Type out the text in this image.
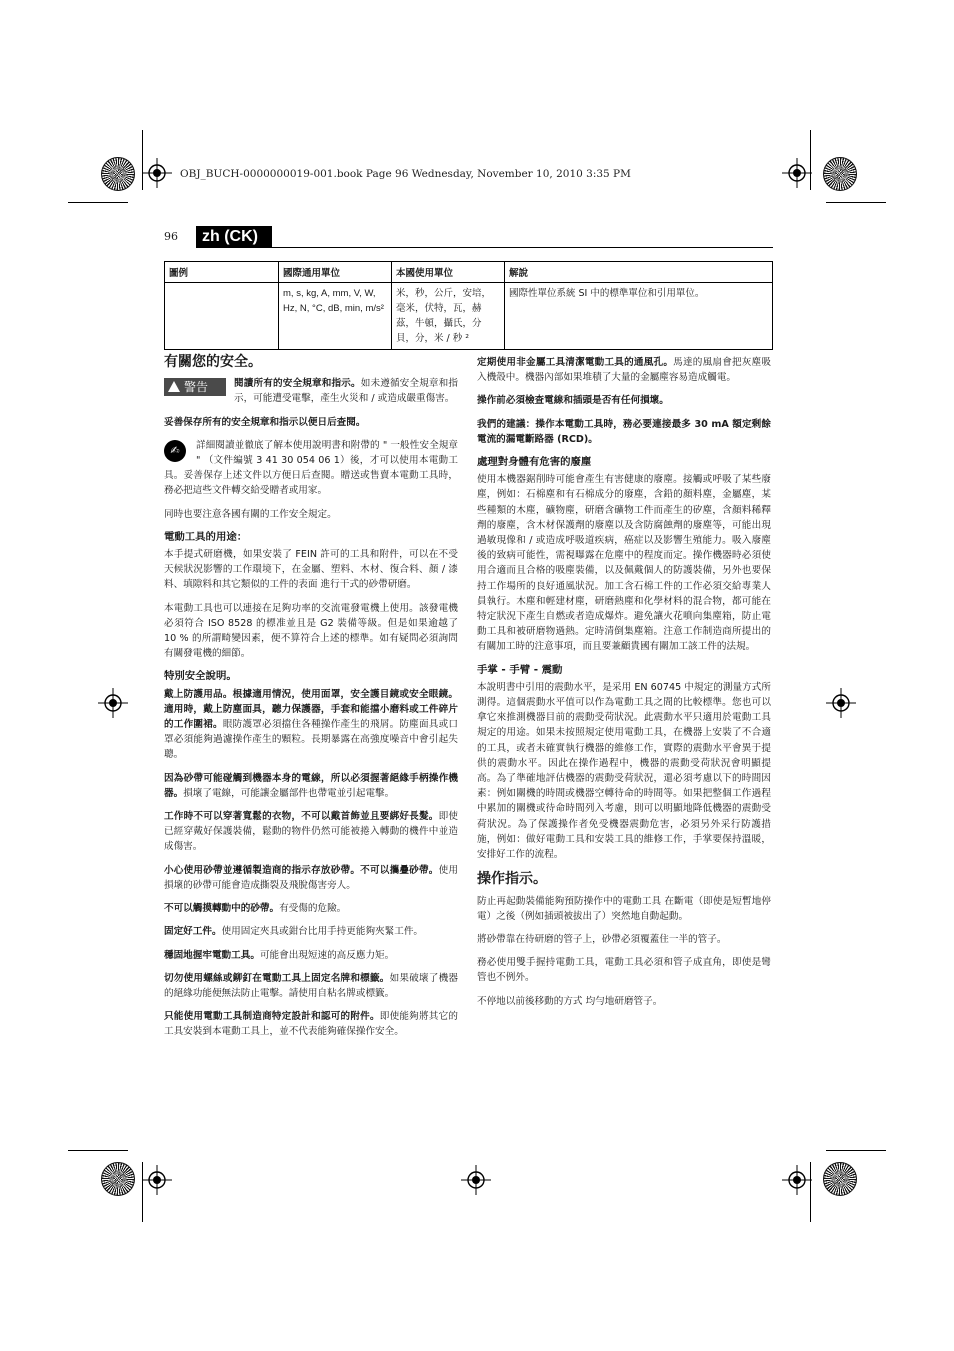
OBJ_BUCH-0000000019-001.book Page 96 Wednesday, November 10, 2010 3:35 PM
96	zh (CK)
圖例	國際通用單位	本國使用單位	解說
	m, s, kg, A, mm, V, W, Hz, N, °C, dB, min, m/s²	米，秒，公斤，安培，毫米，伏特，瓦，赫茲，牛頓，攝氏，分貝，分，米 / 秒 ²	國際性單位系統 SI 中的標準單位和引用單位。
有關您的安全。
警告	閱讀所有的安全規章和指示。如未遵循安全規章和指示，可能遭受電擊，產生火災和 / 或造成嚴重傷害。

妥善保存所有的安全規章和指示以便日后查閱。

✍	詳細閱讀並徹底了解本使用說明書和附帶的 " 一般性安全規章 " （文件編號 3 41 30 054 06 1）後，才可以使用本電動工具。妥善保存上述文件以方便日后查閱。贈送或售賣本電動工具時，務必把這些文件轉交給受贈者或用家。

同時也要注意各國有關的工作安全規定。

電動工具的用途：

本手提式研磨機，如果安裝了 FEIN 許可的工具和附件，可以在不受天候狀況影響的工作環境下，在金屬、塑料、木材、復合料、顏 / 漆料、填隙料和其它類似的工件的表面 進行干式的砂帶研磨。

本電動工具也可以連接在足夠功率的交流電發電機上使用。該發電機必須符合 ISO 8528 的標准並且是 G2 裝備等級。但是如果逾越了 10 % 的所謂畸變因素，便不算符合上述的標準。如有疑問必須詢問有關發電機的細節。

特別安全說明。

戴上防護用品。根據適用情況，使用面罩，安全護目鏡或安全眼鏡。適用時，戴上防塵面具，聽力保護器，手套和能擋小磨料或工件碎片的工作圍裙。眼防護罩必須擋住各種操作產生的飛屑。防塵面具或口罩必須能夠過濾操作產生的顆粒。長期暴露在高強度噪音中會引起失聰。

因為砂帶可能碰觸到機器本身的電線，所以必須握著絕緣手柄操作機器。損壞了電線，可能讓金屬部件也帶電並引起電擊。

工作時不可以穿著寬鬆的衣物，不可以戴首飾並且要綁好長髮。即使已經穿戴好保護裝備，鬆動的物件仍然可能被捲入轉動的機件中並造成傷害。

小心使用砂帶並遵循製造商的指示存放砂帶。不可以攜疊砂帶。使用損壞的砂帶可能會造成撕裂及飛脫傷害旁人。

不可以觸摸轉動中的砂帶。有受傷的危險。

固定好工件。使用固定夾具或鉗台比用手持更能夠夾緊工件。

穩固地握牢電動工具。可能會出現短速的高反應力矩。

切勿使用螺絲或鉚釘在電動工具上固定名牌和標籤。如果破壞了機器的絕緣功能便無法防止電擊。請使用自粘名牌或標籤。

只能使用電動工具制造商特定設計和認可的附件。即使能夠將其它的工具安裝到本電動工具上，並不代表能夠確保操作安全。

定期使用非金屬工具清潔電動工具的通風孔。馬達的風扇會把灰塵吸入機殼中。機器內部如果堆積了大量的金屬塵容易造成觸電。

操作前必須檢查電線和插頭是否有任何損壞。

我們的建議：操作本電動工具時，務必要連接最多 30 mA 額定剩餘電流的漏電斷路器 (RCD)。

處理對身體有危害的廢塵

使用本機器鋸削時可能會產生有害健康的廢塵。接觸或呼吸了某些廢塵，例如：石棉塵和有石棉成分的廢塵，含鉛的顏料塵，金屬塵，某些種類的木塵，礦物塵，研磨含礦物工件而產生的矽塵，含顏料稀釋劑的廢塵，含木材保護劑的廢塵以及含防腐蝕劑的廢塵等，可能出現過敏現像和 / 或造成呼吸道疾病，癌症以及影響生殖能力。吸入廢塵後的致病可能性，需視曝露在危塵中的程度而定。操作機器時必須使用合適而且合格的吸塵裝備，以及佩戴個人的防護裝備，另外也要保持工作場所的良好通風狀況。加工含石棉工件的工作必須交給專業人員執行。木塵和輕建材塵，研磨熱塵和化學材料的混合物，都可能在特定狀況下產生自燃或者造成爆炸。避免讓火花噴向集塵箱，防止電動工具和被研磨物過熱。定時清倒集塵箱。注意工作制造商所提出的有關加工時的注意事項，而且要兼顧貴國有關加工該工件的法規。

手掌 - 手臂 - 震動

本說明書中引用的震動水平，是采用 EN 60745 中規定的測量方式所測得。這個震動水平值可以作為電動工具之間的比較標準。您也可以拿它來推測機器目前的震動受荷狀況。此震動水平只適用於電動工具規定的用途。如果未按照規定使用電動工具，在機器上安裝了不合適的工具，或者未確實執行機器的維修工作，實際的震動水平會異于提供的震動水平。因此在操作過程中，機器的震動受荷狀況會明顯提高。為了準確地評估機器的震動受荷狀況，還必須考慮以下的時間因素：例如關機的時間或機器空轉待命的時間等。如果把整個工作過程中累加的關機或待命時間列入考慮，則可以明顯地降低機器的震動受荷狀況。為了保護操作者免受機器震動危害，必須另外采行防護措施，例如：做好電動工具和安裝工具的維修工作，手掌要保持溫暖，安排好工作的流程。

操作指示。

防止再起動裝備能夠預防操作中的電動工具 在斷電（即使是短暫地停電）之後（例如插頭被拔出了）突然地自動起動。

將砂帶靠在待研磨的管子上，砂帶必須覆蓋住一半的管子。

務必使用雙手握持電動工具，電動工具必須和管子成直角，即使是彎管也不例外。

不停地以前後移動的方式 均勻地研磨管子。
